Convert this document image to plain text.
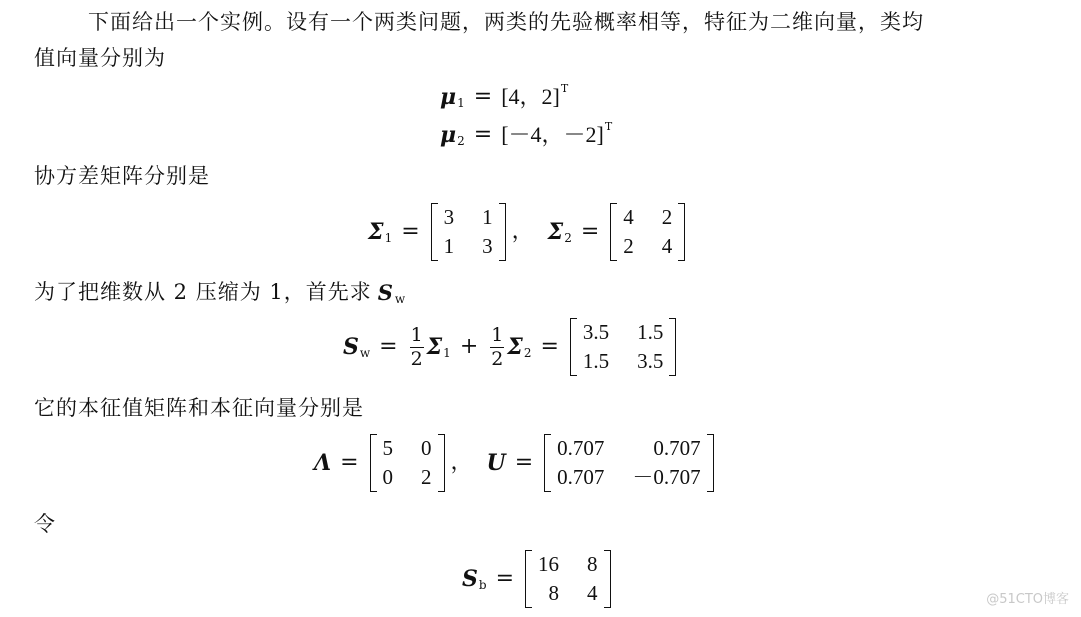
下面给出一个实例。设有一个两类问题，两类的先验概率相等，特征为二维向量，类均
值向量分别为
μ 1 = [4，2] T
μ 2 = [－4，－2] T
协方差矩阵分别是
Σ 1 =
3 1
1 3
， Σ 2 =
4 2
2 4
为了把维数从 2 压缩为 1，首先求 S w
S $w = \frac{1}{2}$ Σ $1 + \frac{1}{2}$ Σ 2 =
3.5 1.5
1.5 3.5
它的本征值矩阵和本征向量分别是
Λ =
5 0
0 2
， U =
0.707	0.707
0.707 －0.707
令
S b =
16 8
8 4	@51CTO博客
